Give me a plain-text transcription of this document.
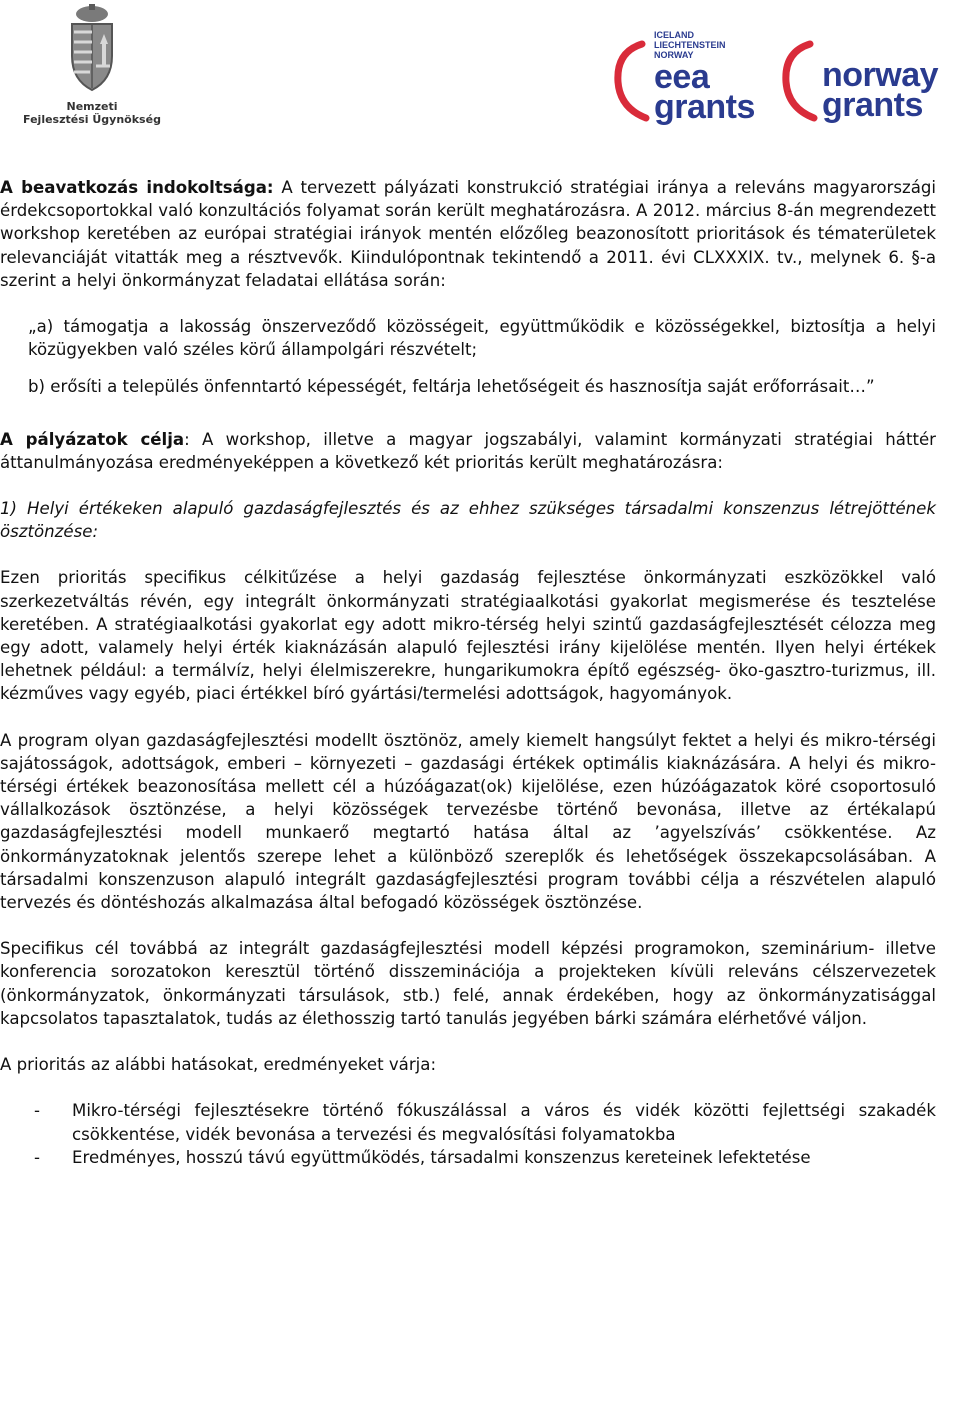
Nemzeti
Fejlesztési Ügynökség
ICELAND
LIECHTENSTEIN
NORWAY
eea
grants
norway
grants

A beavatkozás indokoltsága: A tervezett pályázati konstrukció stratégiai iránya a releváns magyarországi érdekcsoportokkal való konzultációs folyamat során került meghatározásra. A 2012. március 8-án megrendezett workshop keretében az európai stratégiai irányok mentén előzőleg beazonosított prioritások és tématerületek relevanciáját vitatták meg a résztvevők. Kiindulópontnak tekintendő a 2011. évi CLXXXIX. tv., melynek 6. §-a szerint a helyi önkormányzat feladatai ellátása során:

„a) támogatja a lakosság önszerveződő közösségeit, együttműködik e közösségekkel, biztosítja a helyi közügyekben való széles körű állampolgári részvételt;

b) erősíti a település önfenntartó képességét, feltárja lehetőségeit és hasznosítja saját erőforrásait…”

A pályázatok célja: A workshop, illetve a magyar jogszabályi, valamint kormányzati stratégiai háttér áttanulmányozása eredményeképpen a következő két prioritás került meghatározásra:

1) Helyi értékeken alapuló gazdaságfejlesztés és az ehhez szükséges társadalmi konszenzus létrejöttének ösztönzése:

Ezen prioritás specifikus célkitűzése a helyi gazdaság fejlesztése önkormányzati eszközökkel való szerkezetváltás révén, egy integrált önkormányzati stratégiaalkotási gyakorlat megismerése és tesztelése keretében. A stratégiaalkotási gyakorlat egy adott mikro-térség helyi szintű gazdaságfejlesztését célozza meg egy adott, valamely helyi érték kiaknázásán alapuló fejlesztési irány kijelölése mentén. Ilyen helyi értékek lehetnek például: a termálvíz, helyi élelmiszerekre, hungarikumokra építő egészség- öko-gasztro-turizmus, ill. kézműves vagy egyéb, piaci értékkel bíró gyártási/termelési adottságok, hagyományok.

A program olyan gazdaságfejlesztési modellt ösztönöz, amely kiemelt hangsúlyt fektet a helyi és mikro-térségi sajátosságok, adottságok, emberi – környezeti – gazdasági értékek optimális kiaknázására. A helyi és mikro-térségi értékek beazonosítása mellett cél a húzóágazat(ok) kijelölése, ezen húzóágazatok köré csoportosuló vállalkozások ösztönzése, a helyi közösségek tervezésbe történő bevonása, illetve az értékalapú gazdaságfejlesztési modell munkaerő megtartó hatása által az ’agyelszívás’ csökkentése. Az önkormányzatoknak jelentős szerepe lehet a különböző szereplők és lehetőségek összekapcsolásában. A társadalmi konszenzuson alapuló integrált gazdaságfejlesztési program további célja a részvételen alapuló tervezés és döntéshozás alkalmazása által befogadó közösségek ösztönzése.

Specifikus cél továbbá az integrált gazdaságfejlesztési modell képzési programokon, szeminárium- illetve konferencia sorozatokon keresztül történő disszeminációja a projekteken kívüli releváns célszervezetek (önkormányzatok, önkormányzati társulások, stb.) felé, annak érdekében, hogy az önkormányzatisággal kapcsolatos tapasztalatok, tudás az élethosszig tartó tanulás jegyében bárki számára elérhetővé váljon.

A prioritás az alábbi hatásokat, eredményeket várja:

- Mikro-térségi fejlesztésekre történő fókuszálással a város és vidék közötti fejlettségi szakadék csökkentése, vidék bevonása a tervezési és megvalósítási folyamatokba
- Eredményes, hosszú távú együttműködés, társadalmi konszenzus kereteinek lefektetése
